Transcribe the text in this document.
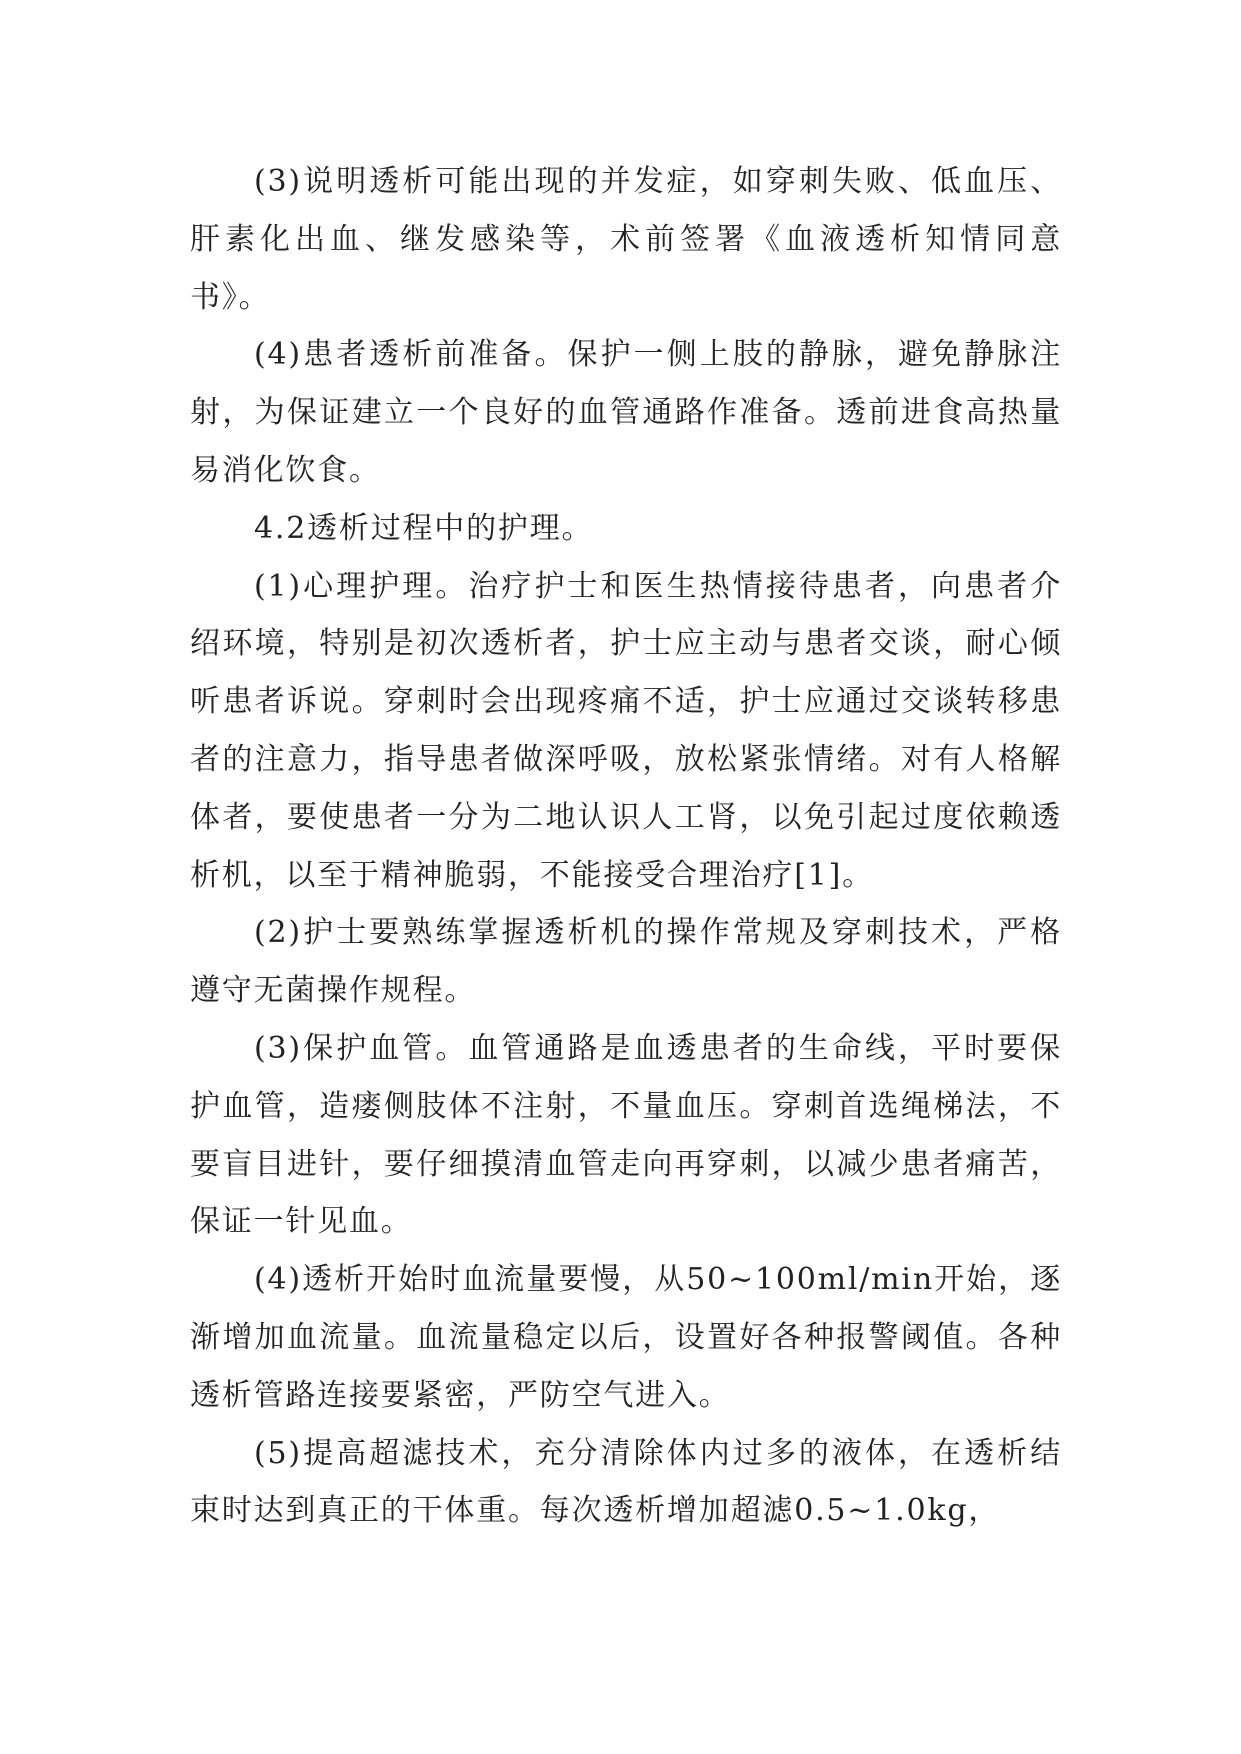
(3)说明透析可能出现的并发症，如穿刺失败、低血压、肝素化出血、继发感染等，术前签署《血液透析知情同意书》。

(4)患者透析前准备。保护一侧上肢的静脉，避免静脉注射，为保证建立一个良好的血管通路作准备。透前进食高热量易消化饮食。

4.2透析过程中的护理。

(1)心理护理。治疗护士和医生热情接待患者，向患者介绍环境，特别是初次透析者，护士应主动与患者交谈，耐心倾听患者诉说。穿刺时会出现疼痛不适，护士应通过交谈转移患者的注意力，指导患者做深呼吸，放松紧张情绪。对有人格解体者，要使患者一分为二地认识人工肾，以免引起过度依赖透析机，以至于精神脆弱，不能接受合理治疗[1]。

(2)护士要熟练掌握透析机的操作常规及穿刺技术，严格遵守无菌操作规程。

(3)保护血管。血管通路是血透患者的生命线，平时要保护血管，造瘘侧肢体不注射，不量血压。穿刺首选绳梯法，不要盲目进针，要仔细摸清血管走向再穿刺，以减少患者痛苦，保证一针见血。

(4)透析开始时血流量要慢，从50~100ml/min开始，逐渐增加血流量。血流量稳定以后，设置好各种报警阈值。各种透析管路连接要紧密，严防空气进入。

(5)提高超滤技术，充分清除体内过多的液体，在透析结束时达到真正的干体重。每次透析增加超滤0.5~1.0kg，
